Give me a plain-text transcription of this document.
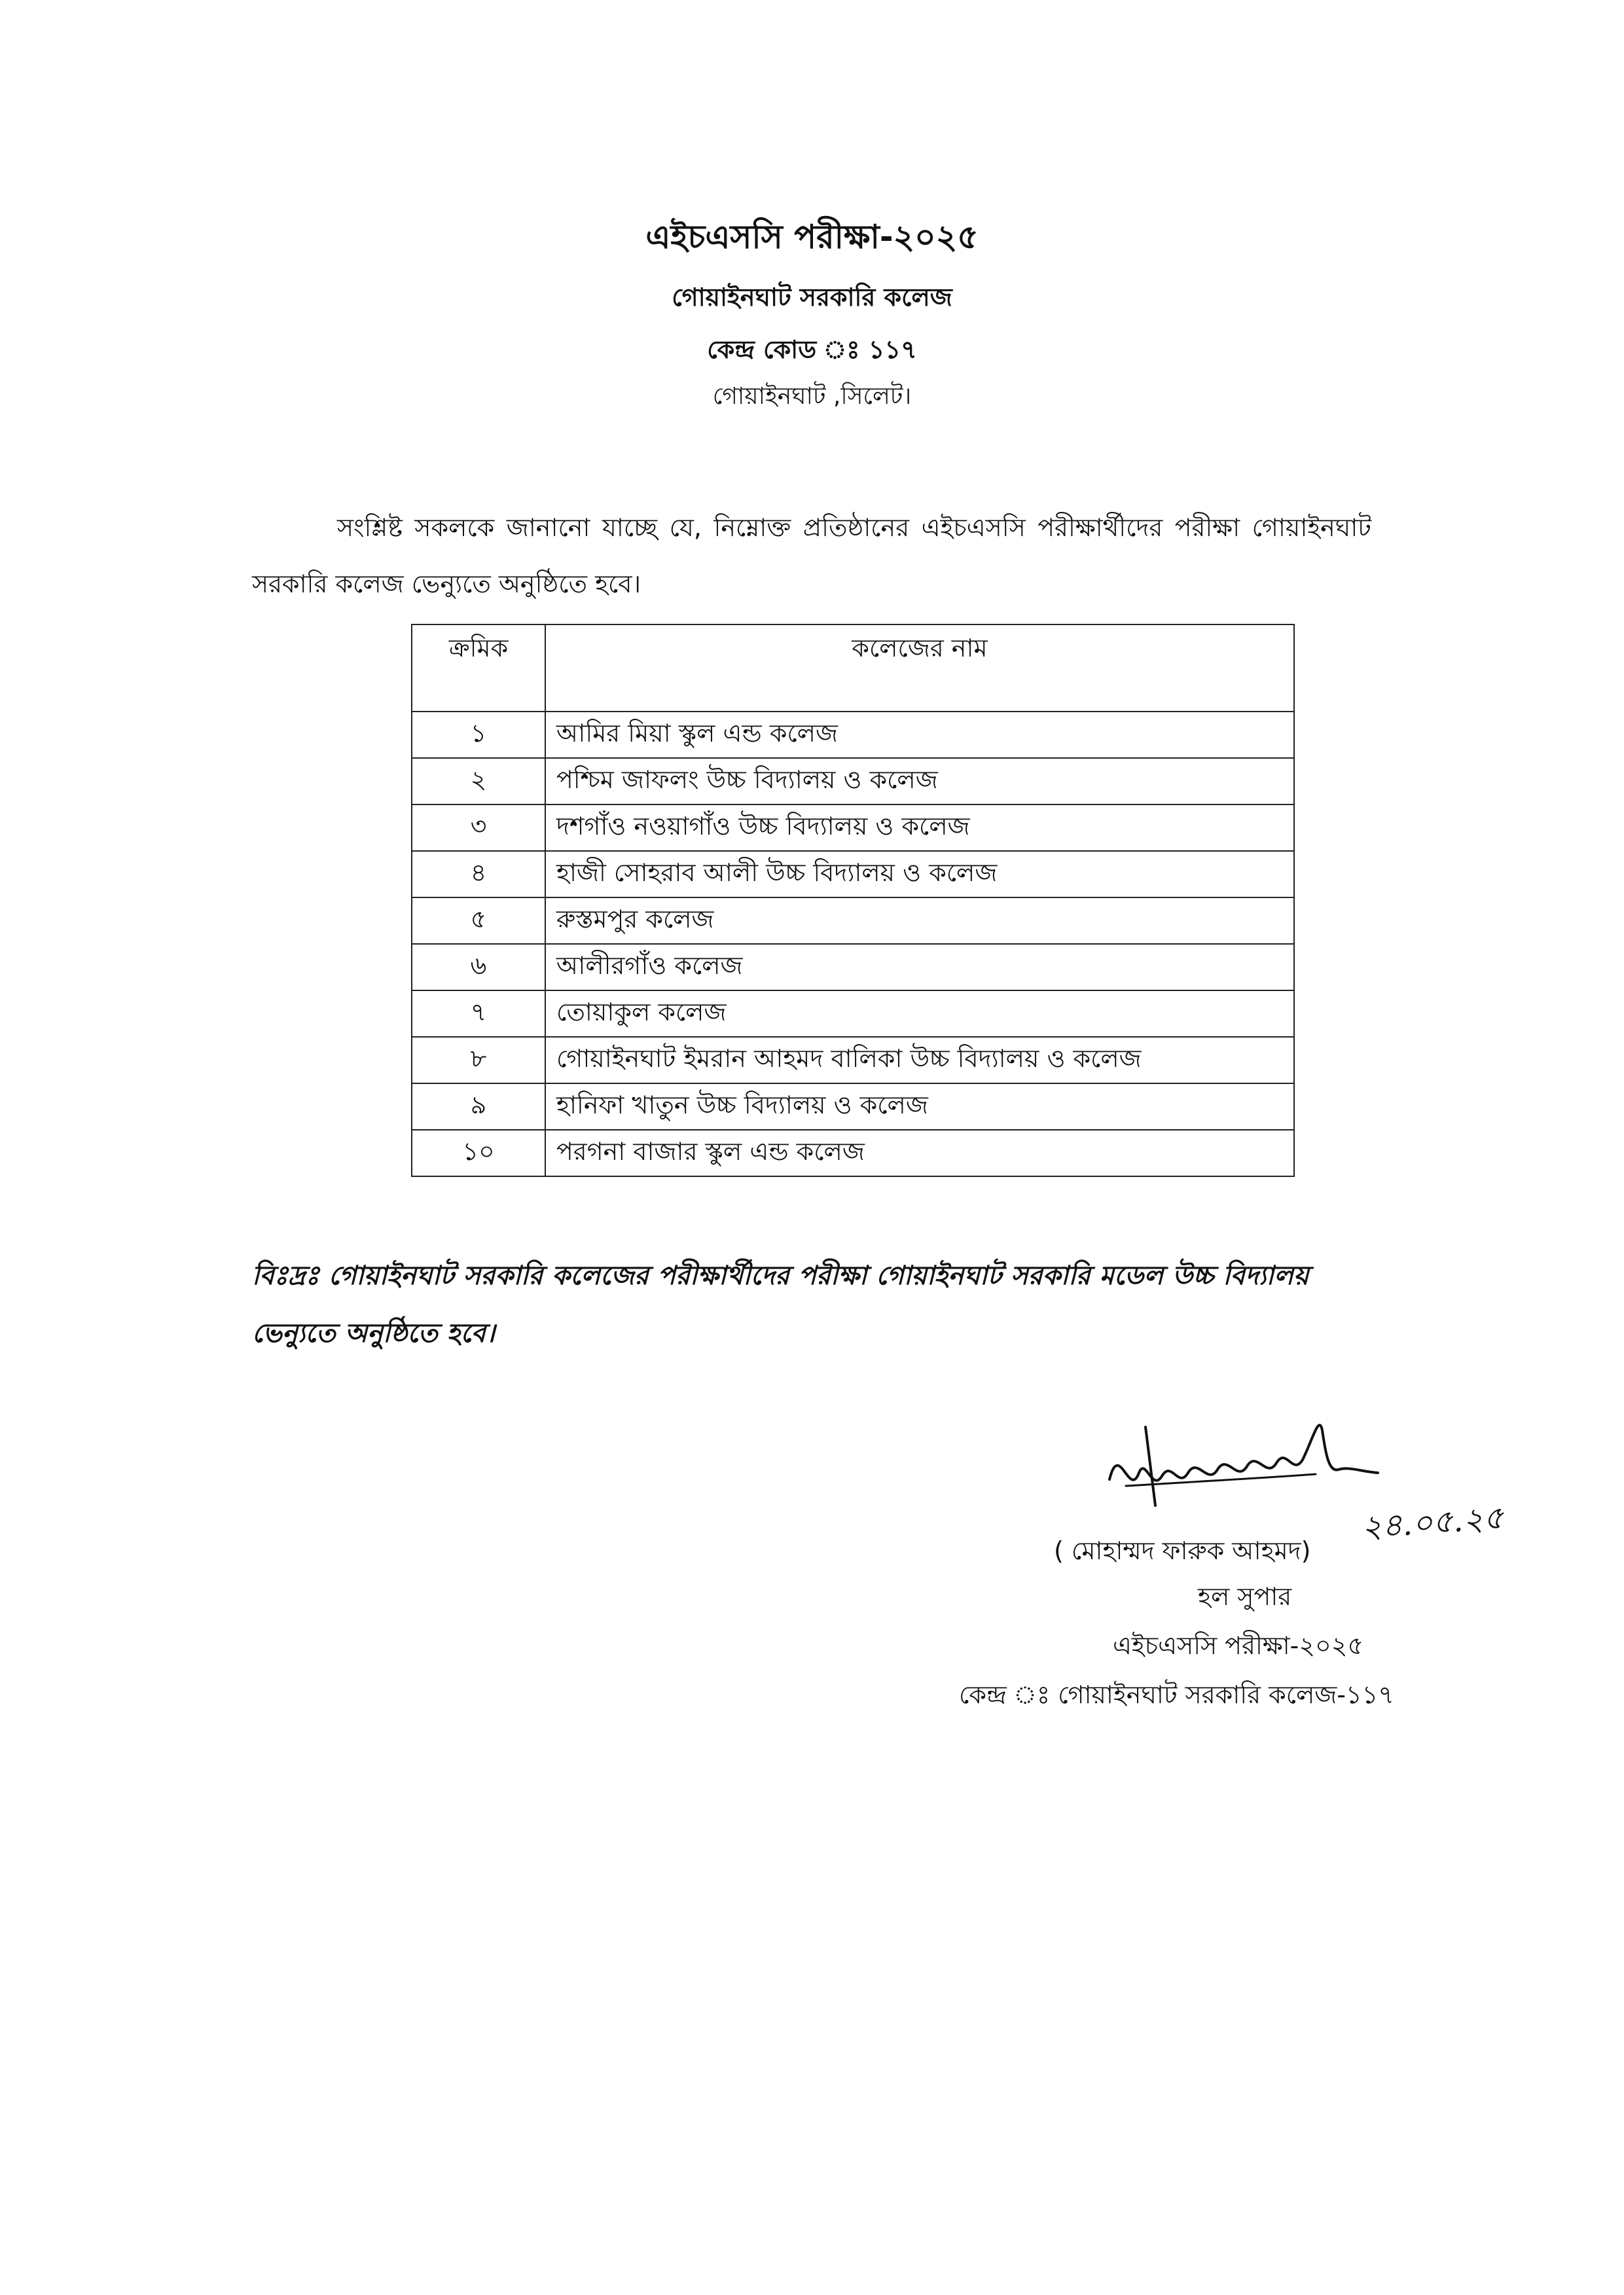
এইচএসসি পরীক্ষা-২০২৫
গোয়াইনঘাট সরকারি কলেজ
কেন্দ্র কোড ঃ ১১৭
গোয়াইনঘাট ,সিলেট।

সংশ্লিষ্ট সকলকে জানানো যাচ্ছে যে, নিম্নোক্ত প্রতিষ্ঠানের এইচএসসি পরীক্ষার্থীদের পরীক্ষা গোয়াইনঘাট সরকারি কলেজ ভেন্যুতে অনুষ্ঠিতে হবে।

ক্রমিক	কলেজের নাম
১	আমির মিয়া স্কুল এন্ড কলেজ
২	পশ্চিম জাফলং উচ্চ বিদ্যালয় ও কলেজ
৩	দশগাঁও নওয়াগাঁও উচ্চ বিদ্যালয় ও কলেজ
৪	হাজী সোহরাব আলী উচ্চ বিদ্যালয় ও কলেজ
৫	রুস্তমপুর কলেজ
৬	আলীরগাঁও কলেজ
৭	তোয়াকুল কলেজ
৮	গোয়াইনঘাট ইমরান আহমদ বালিকা উচ্চ বিদ্যালয় ও কলেজ
৯	হানিফা খাতুন উচ্চ বিদ্যালয় ও কলেজ
১০	পরগনা বাজার স্কুল এন্ড কলেজ

বিঃদ্রঃ গোয়াইনঘাট সরকারি কলেজের পরীক্ষার্থীদের পরীক্ষা গোয়াইনঘাট সরকারি মডেল উচ্চ বিদ্যালয় ভেন্যুতে অনুষ্ঠিতে হবে।

২৪.০৫.২৫
( মোহাম্মদ ফারুক আহমদ)
হল সুপার
এইচএসসি পরীক্ষা-২০২৫
কেন্দ্র ঃ গোয়াইনঘাট সরকারি কলেজ-১১৭
